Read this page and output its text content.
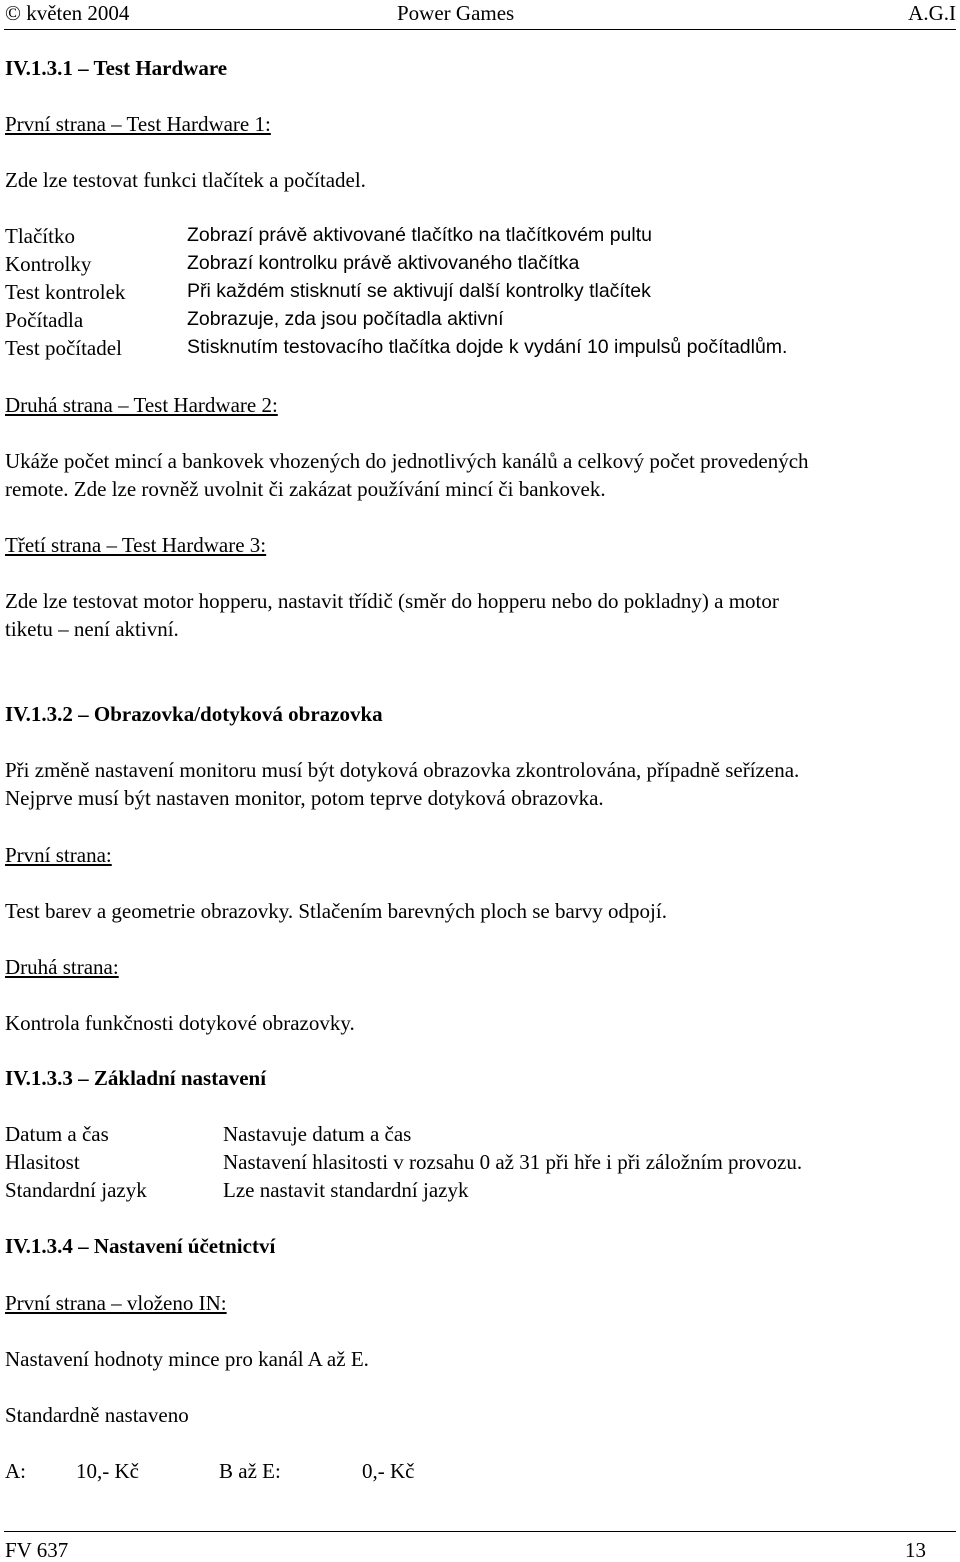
© květen 2004	Power Games	A.G.I
IV.1.3.1 – Test Hardware
První strana – Test Hardware 1:
Zde lze testovat funkci tlačítek a počítadel.
Tlačítko	Zobrazí právě aktivované tlačítko na tlačítkovém pultu
Kontrolky	Zobrazí kontrolku právě aktivovaného tlačítka
Test kontrolek	Při každém stisknutí se aktivují další kontrolky tlačítek
Počítadla	Zobrazuje, zda jsou počítadla aktivní
Test počítadel	Stisknutím testovacího tlačítka dojde k vydání 10 impulsů počítadlům.
Druhá strana – Test Hardware 2:
Ukáže počet mincí a bankovek vhozených do jednotlivých kanálů a celkový počet provedených
remote. Zde lze rovněž uvolnit či zakázat používání mincí či bankovek.
Třetí strana – Test Hardware 3:
Zde lze testovat motor hopperu, nastavit třídič (směr do hopperu nebo do pokladny) a motor
tiketu – není aktivní.
IV.1.3.2 – Obrazovka/dotyková obrazovka
Při změně nastavení monitoru musí být dotyková obrazovka zkontrolována, případně seřízena.
Nejprve musí být nastaven monitor, potom teprve dotyková obrazovka.
První strana:
Test barev a geometrie obrazovky. Stlačením barevných ploch se barvy odpojí.
Druhá strana:
Kontrola funkčnosti dotykové obrazovky.
IV.1.3.3 – Základní nastavení
Datum a čas	Nastavuje datum a čas
Hlasitost	Nastavení hlasitosti v rozsahu 0 až 31 při hře i při záložním provozu.
Standardní jazyk	Lze nastavit standardní jazyk
IV.1.3.4 – Nastavení účetnictví
První strana – vloženo IN:
Nastavení hodnoty mince pro kanál A až E.
Standardně nastaveno
A: 10,- Kč	B až E:	0,- Kč
FV 637	13
